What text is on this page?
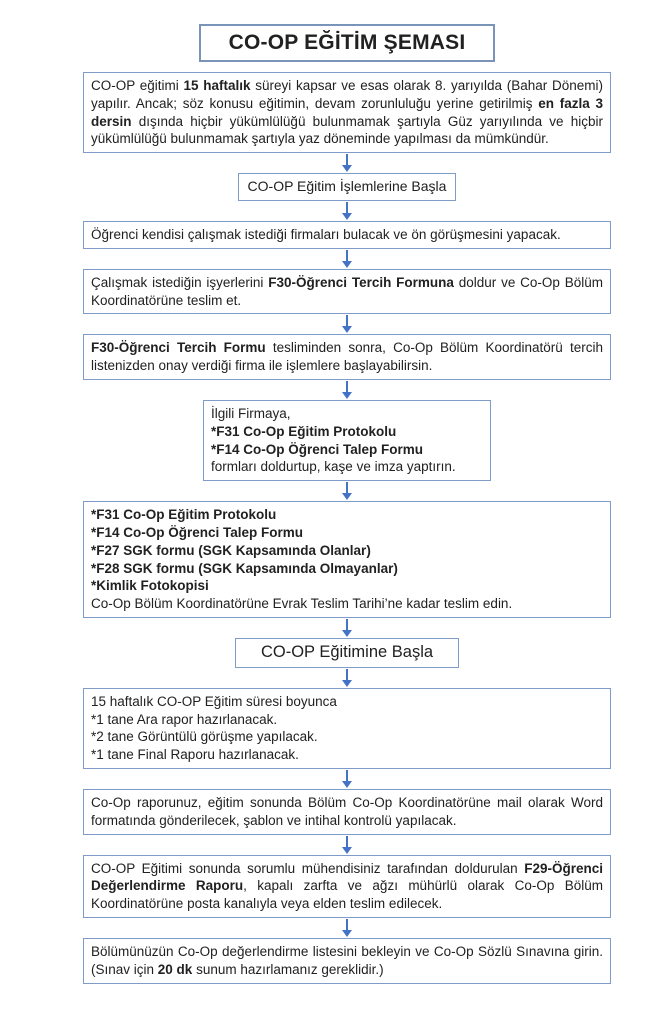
CO-OP EĞİTİM ŞEMASI
CO-OP eğitimi 15 haftalık süreyi kapsar ve esas olarak 8. yarıyılda (Bahar Dönemi) yapılır. Ancak; söz konusu eğitimin, devam zorunluluğu yerine getirilmiş en fazla 3 dersin dışında hiçbir yükümlülüğü bulunmamak şartıyla Güz yarıyılında ve hiçbir yükümlülüğü bulunmamak şartıyla yaz döneminde yapılması da mümkündür.
CO-OP Eğitim İşlemlerine Başla
Öğrenci kendisi çalışmak istediği firmaları bulacak ve ön görüşmesini yapacak.
Çalışmak istediğin işyerlerini F30-Öğrenci Tercih Formuna doldur ve Co-Op Bölüm Koordinatörüne teslim et.
F30-Öğrenci Tercih Formu tesliminden sonra, Co-Op Bölüm Koordinatörü tercih listenizden onay verdiği firma ile işlemlere başlayabilirsin.
İlgili Firmaya,
*F31 Co-Op Eğitim Protokolu
*F14 Co-Op Öğrenci Talep Formu
formları doldurtup, kaşe ve imza yaptırın.
*F31 Co-Op Eğitim Protokolu
*F14 Co-Op Öğrenci Talep Formu
*F27 SGK formu (SGK Kapsamında Olanlar)
*F28 SGK formu (SGK Kapsamında Olmayanlar)
*Kimlik Fotokopisi
Co-Op Bölüm Koordinatörüne Evrak Teslim Tarihi’ne kadar teslim edin.
CO-OP Eğitimine Başla
15 haftalık CO-OP Eğitim süresi boyunca
*1 tane Ara rapor hazırlanacak.
*2 tane Görüntülü görüşme yapılacak.
*1 tane Final Raporu hazırlanacak.
Co-Op raporunuz, eğitim sonunda Bölüm Co-Op Koordinatörüne mail olarak Word formatında gönderilecek, şablon ve intihal kontrolü yapılacak.
CO-OP Eğitimi sonunda sorumlu mühendisiniz tarafından doldurulan F29-Öğrenci Değerlendirme Raporu, kapalı zarfta ve ağzı mühürlü olarak Co-Op Bölüm Koordinatörüne posta kanalıyla veya elden teslim edilecek.
Bölümünüzün Co-Op değerlendirme listesini bekleyin ve Co-Op Sözlü Sınavına girin. (Sınav için 20 dk sunum hazırlamanız gereklidir.)
